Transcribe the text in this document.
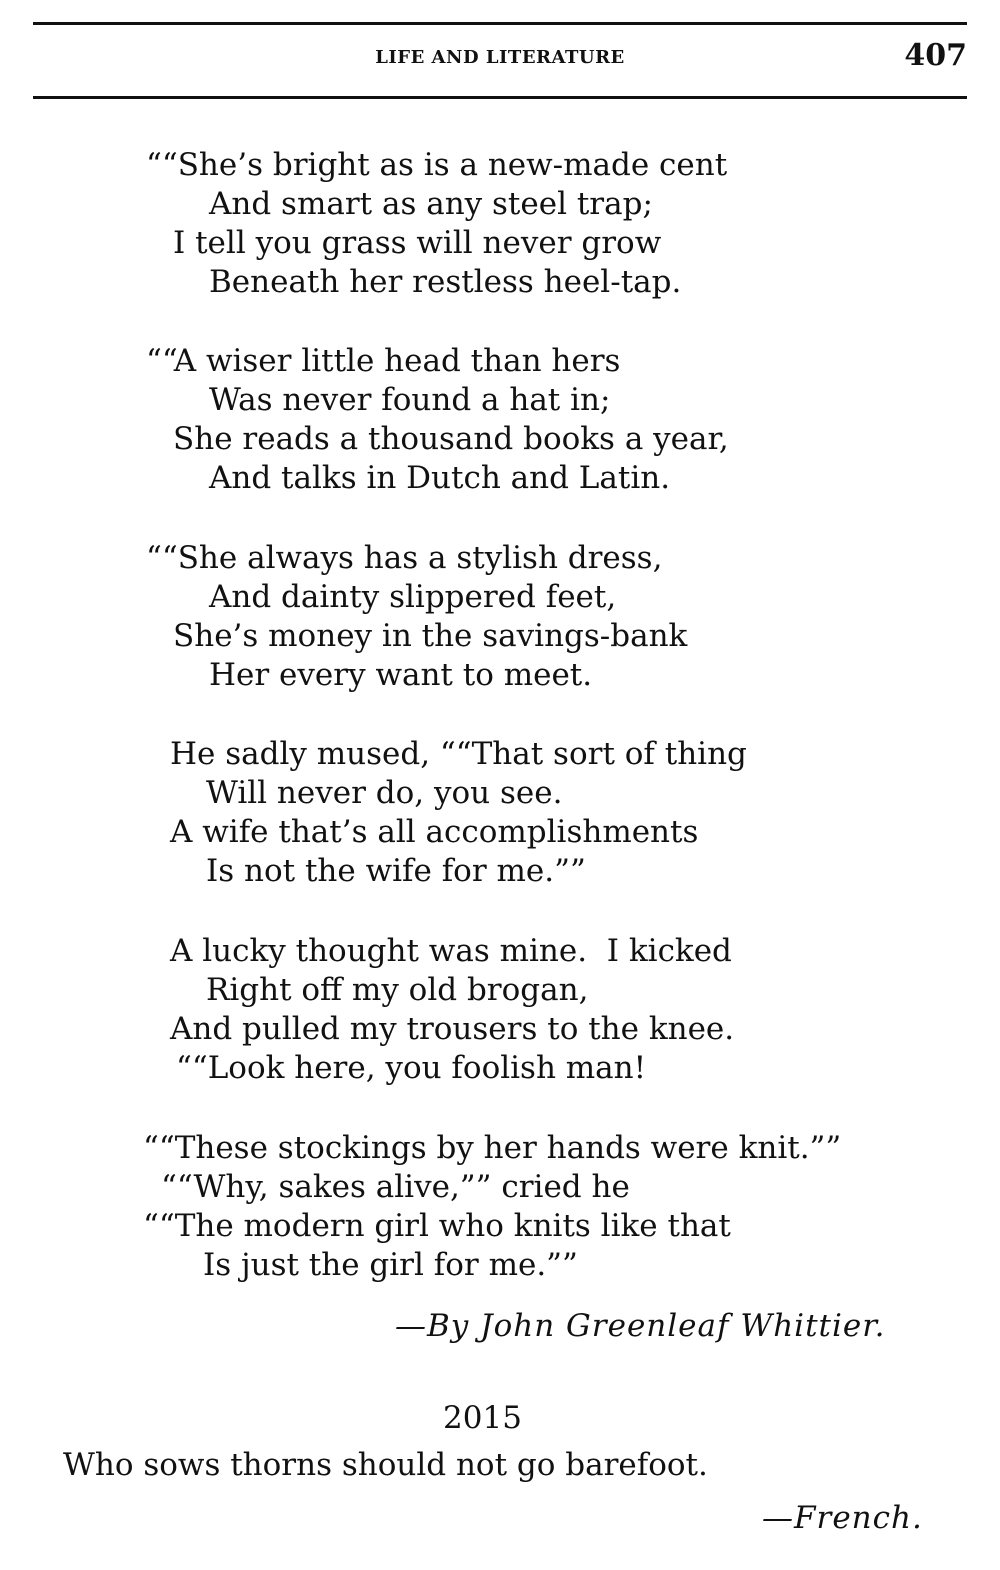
LIFE AND LITERATURE	407
““She’s bright as is a new-made cent
And smart as any steel trap;
I tell you grass will never grow
Beneath her restless heel-tap.
““A wiser little head than hers
Was never found a hat in;
She reads a thousand books a year,
And talks in Dutch and Latin.
““She always has a stylish dress,
And dainty slippered feet,
She’s money in the savings-bank
Her every want to meet.
He sadly mused, ““That sort of thing
Will never do, you see.
A wife that’s all accomplishments
Is not the wife for me.””
A lucky thought was mine.  I kicked
Right off my old brogan,
And pulled my trousers to the knee.
““Look here, you foolish man!
““These stockings by her hands were knit.””
““Why, sakes alive,”” cried he
““The modern girl who knits like that
Is just the girl for me.””
—By John Greenleaf Whittier.
2015
Who sows thorns should not go barefoot.
—French.
